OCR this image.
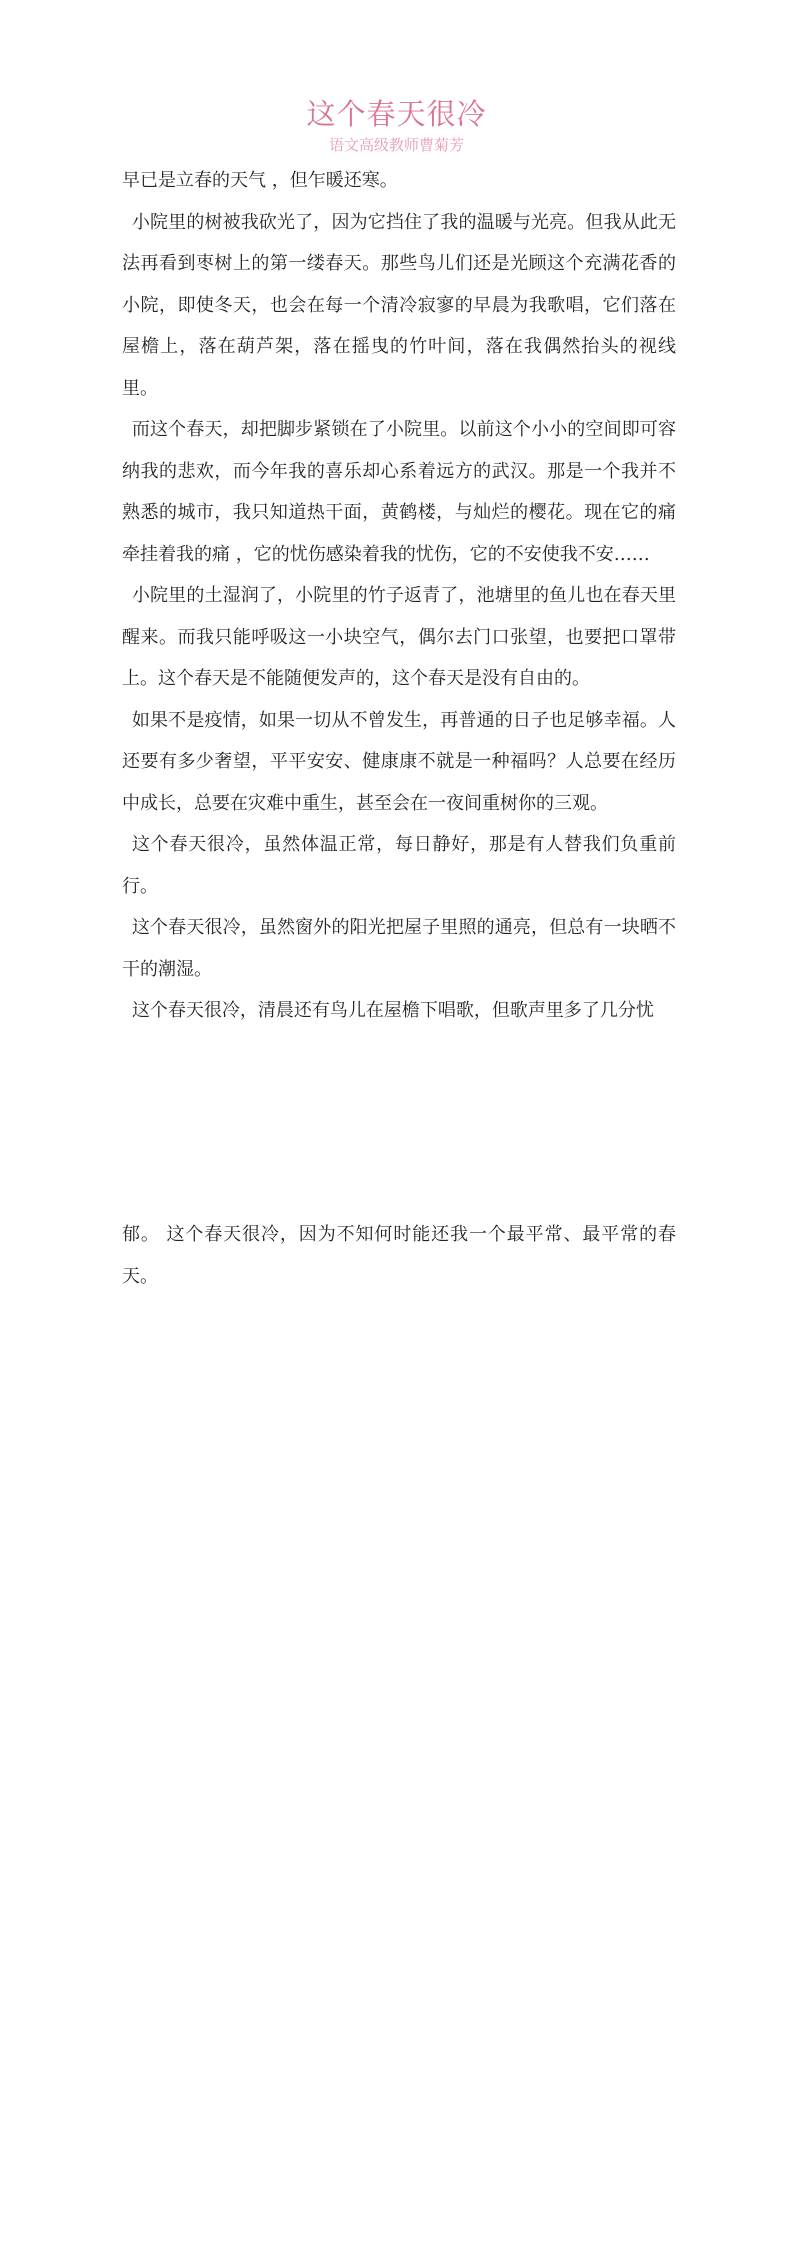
这个春天很冷
语文高级教师曹菊芳

早已是立春的天气 ，但乍暖还寒。

小院里的树被我砍光了，因为它挡住了我的温暖与光亮。但我从此无法再看到枣树上的第一缕春天。那些鸟儿们还是光顾这个充满花香的小院，即使冬天，也会在每一个清冷寂寥的早晨为我歌唱，它们落在屋檐上，落在葫芦架，落在摇曳的竹叶间，落在我偶然抬头的视线里。

而这个春天，却把脚步紧锁在了小院里。以前这个小小的空间即可容纳我的悲欢，而今年我的喜乐却心系着远方的武汉。那是一个我并不熟悉的城市，我只知道热干面，黄鹤楼，与灿烂的樱花。现在它的痛牵挂着我的痛 ，它的忧伤感染着我的忧伤，它的不安使我不安……

小院里的土湿润了，小院里的竹子返青了，池塘里的鱼儿也在春天里醒来。而我只能呼吸这一小块空气，偶尔去门口张望，也要把口罩带上。这个春天是不能随便发声的，这个春天是没有自由的。

如果不是疫情，如果一切从不曾发生，再普通的日子也足够幸福。人还要有多少奢望，平平安安、健康康不就是一种福吗？人总要在经历中成长，总要在灾难中重生，甚至会在一夜间重树你的三观。

这个春天很冷，虽然体温正常，每日静好，那是有人替我们负重前行。

这个春天很冷，虽然窗外的阳光把屋子里照的通亮，但总有一块晒不干的潮湿。

这个春天很冷，清晨还有鸟儿在屋檐下唱歌，但歌声里多了几分忧

郁。 这个春天很冷，因为不知何时能还我一个最平常、最平常的春天。
